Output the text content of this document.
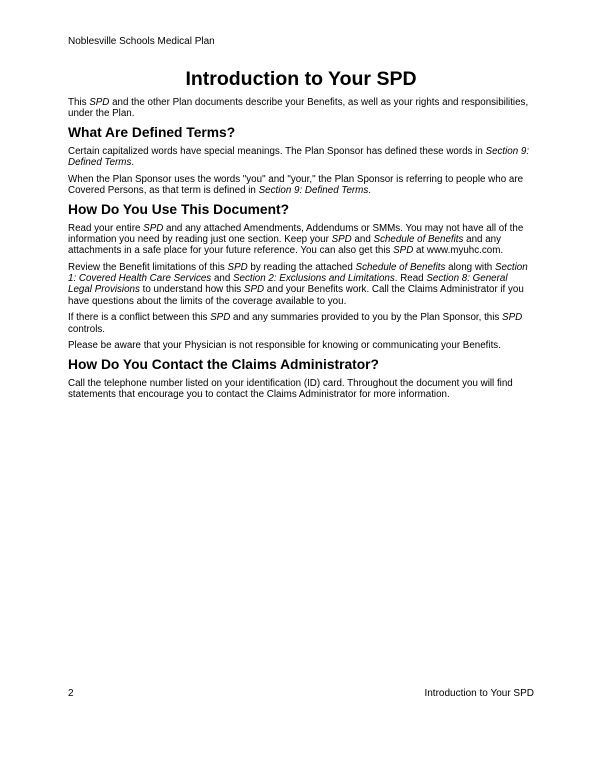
Noblesville Schools Medical Plan
Introduction to Your SPD

This SPD and the other Plan documents describe your Benefits, as well as your rights and responsibilities, under the Plan.

What Are Defined Terms?

Certain capitalized words have special meanings. The Plan Sponsor has defined these words in Section 9: Defined Terms.

When the Plan Sponsor uses the words "you" and "your," the Plan Sponsor is referring to people who are Covered Persons, as that term is defined in Section 9: Defined Terms.

How Do You Use This Document?

Read your entire SPD and any attached Amendments, Addendums or SMMs. You may not have all of the information you need by reading just one section. Keep your SPD and Schedule of Benefits and any attachments in a safe place for your future reference. You can also get this SPD at www.myuhc.com.

Review the Benefit limitations of this SPD by reading the attached Schedule of Benefits along with Section 1: Covered Health Care Services and Section 2: Exclusions and Limitations. Read Section 8: General Legal Provisions to understand how this SPD and your Benefits work. Call the Claims Administrator if you have questions about the limits of the coverage available to you.

If there is a conflict between this SPD and any summaries provided to you by the Plan Sponsor, this SPD controls.

Please be aware that your Physician is not responsible for knowing or communicating your Benefits.

How Do You Contact the Claims Administrator?

Call the telephone number listed on your identification (ID) card. Throughout the document you will find statements that encourage you to contact the Claims Administrator for more information.

2	Introduction to Your SPD
